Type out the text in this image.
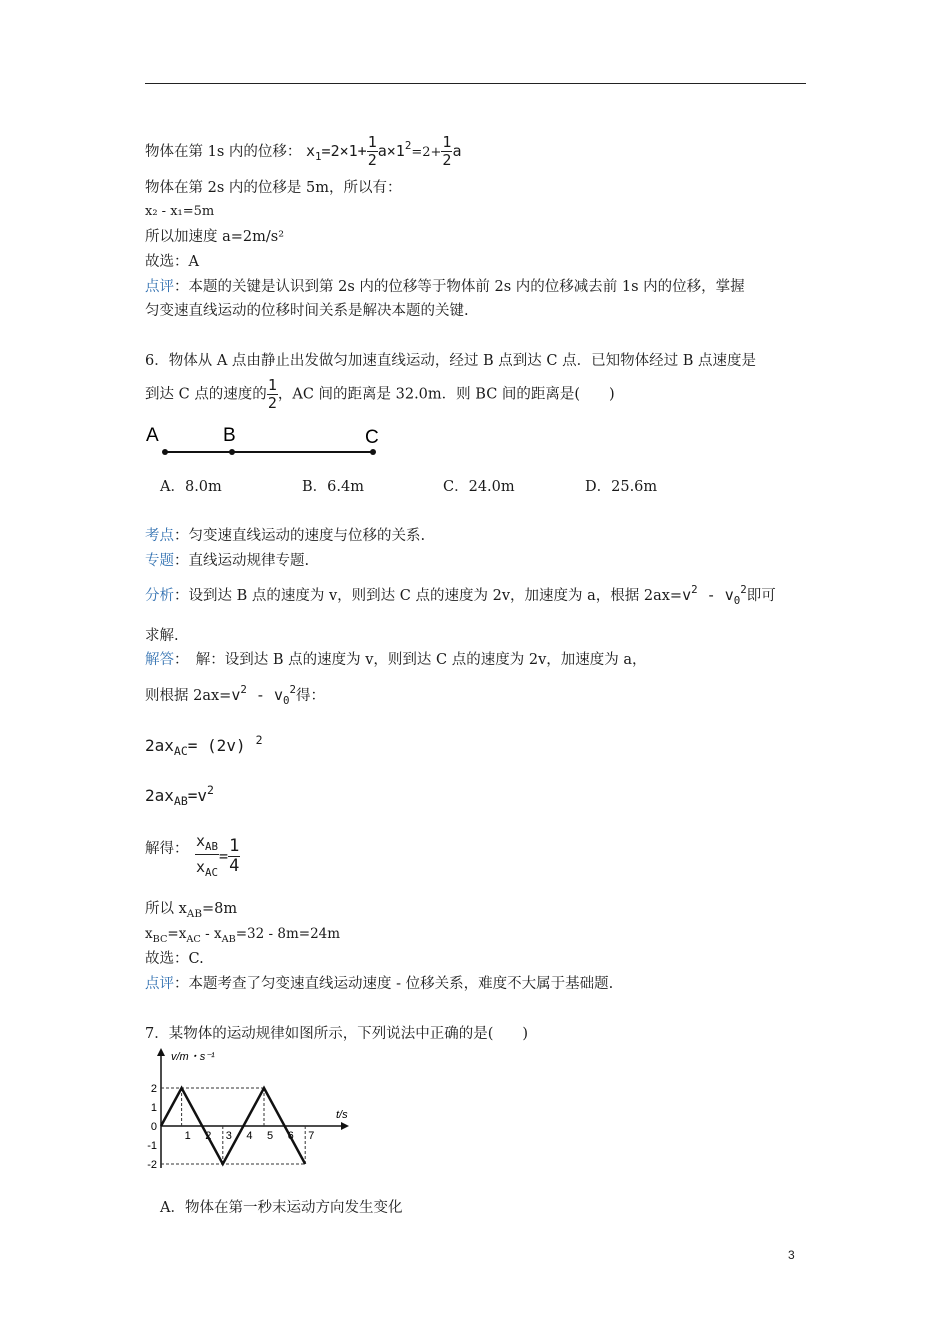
物体在第 1s 内的位移： $x_1=2\times 1+ \frac{1}{2} a\times 1^2=2+ \frac{1}{2}$ a
物体在第 2s 内的位移是 5m，所以有：
x₂ - x₁=5m
所以加速度 a=2m/s²
故选：A
点评：本题的关键是认识到第 2s 内的位移等于物体前 2s 内的位移减去前 1s 内的位移，掌握
匀变速直线运动的位移时间关系是解决本题的关键.
6．物体从 A 点由静止出发做匀加速直线运动，经过 B 点到达 C 点．已知物体经过 B 点速度是
到达 C 点的速度的 $\frac{1}{2}$ ，AC 间的距离是 32.0m．则 BC 间的距离是(　　)
A	B	C
A．8.0m	B．6.4m	C．24.0m	D．25.6m
考点：匀变速直线运动的速度与位移的关系.
专题：直线运动规律专题.
分析：设到达 B 点的速度为 v，则到达 C 点的速度为 2v，加速度为 a，根据 $2ax=v^2 - v_0^2$即可
求解.
解答：　解：设到达 B 点的速度为 v，则到达 C 点的速度为 2v，加速度为 a，
则根据 $2ax=v^2 - v_0^2$得：
$2ax_{AC}= (2v)$ $^2$
$2ax_{AB}=v^2$
解得： $\frac{x_{AB}}{x_{AC}} = \frac{1}{4}$
所以 $x_{AB}=8m$
$x_{BC}=x_{AC} - x_{AB}=32 - 8m=24m$
故选：C.
点评：本题考查了匀变速直线运动速度 - 位移关系，难度不大属于基础题.
7．某物体的运动规律如图所示，下列说法中正确的是(　　)
v/m・s⁻¹
t/s
2
1
0
-1
-2
1 2 3 4 5 6 7
A．物体在第一秒末运动方向发生变化
3
